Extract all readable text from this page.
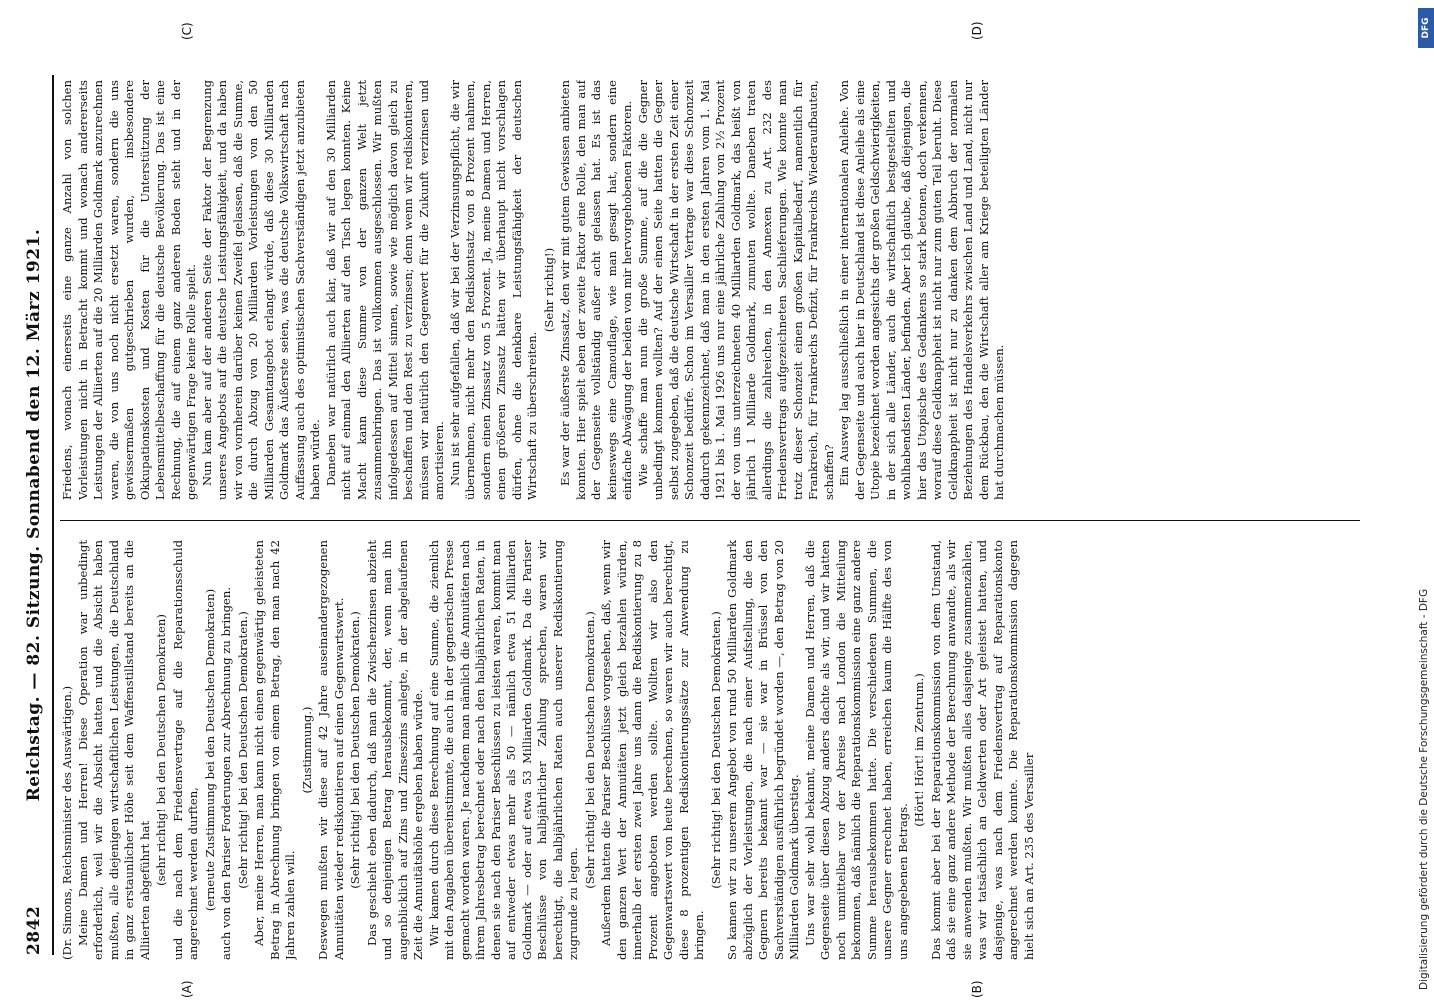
2842
Reichstag. — 82. Sitzung. Sonnabend den 12. März 1921.
(A)	(B)
(C)	(D)

(Dr. Simons, Reichsminister des Auswärtigen.) Meine Damen und Herren! Diese Operation war unbedingt erforderlich, weil wir die Absicht hatten und die Absicht haben mußten, alle diejenigen wirtschaftlichen Leistungen, die Deutschland in ganz erstaunlicher Höhe seit dem Waffenstillstand bereits an die Alliierten abgeführt hat

(sehr richtig! bei den Deutschen Demokraten) und die nach dem Friedensvertrage auf die Reparationsschuld angerechnet werden durften, (erneute Zustimmung bei den Deutschen Demokraten) auch von den Pariser Forderungen zur Abrechnung zu bringen. (Sehr richtig! bei den Deutschen Demokraten.) Aber, meine Herren, man kann nicht einen gegenwärtig geleisteten Betrag in Abrechnung bringen von einem Betrag, den man nach 42 Jahren zahlen will.

(Zustimmung.) Deswegen mußten wir diese auf 42 Jahre auseinandergezogenen Annuitäten wieder rediskontieren auf einen Gegenwartswert. (Sehr richtig! bei den Deutschen Demokraten.) Das geschieht eben dadurch, daß man die Zwischenzinsen abzieht und so denjenigen Betrag herausbekommt, der, wenn man ihn augenblicklich auf Zins und Zinseszins anlegte, in der abgelaufenen Zeit die Annuitätshöhe ergeben haben würde. Wir kamen durch diese Berechnung auf eine Summe, die ziemlich mit den Angaben übereinstimmte, die auch in der gegnerischen Presse gemacht worden waren. Je nachdem man nämlich die Annuitäten nach ihrem Jahresbetrag berechnet oder nach den halbjährlichen Raten, in denen sie nach den Pariser Beschlüssen zu leisten waren, kommt man auf entweder etwas mehr als 50 — nämlich etwa 51 Milliarden Goldmark — oder auf etwa 53 Milliarden Goldmark. Da die Pariser Beschlüsse von halbjährlicher Zahlung sprechen, waren wir berechtigt, die halbjährlichen Raten auch unserer Rediskontierung zugrunde zu legen.

(Sehr richtig! bei den Deutschen Demokraten.) Außerdem hatten die Pariser Beschlüsse vorgesehen, daß, wenn wir den ganzen Wert der Annuitäten jetzt gleich bezahlen würden, innerhalb der ersten zwei Jahre uns dann die Rediskontierung zu 8 Prozent angeboten werden sollte. Wollten wir also den Gegenwartswert von heute berechnen, so waren wir auch berechtigt, diese 8 prozentigen Rediskontierungssätze zur Anwendung zu bringen.

(Sehr richtig! bei den Deutschen Demokraten.) So kamen wir zu unserem Angebot von rund 50 Milliarden Goldmark abzüglich der Vorleistungen, die nach einer Aufstellung, die den Gegnern bereits bekannt war — sie war in Brüssel von den Sachverständigen ausführlich begründet worden —, den Betrag von 20 Milliarden Goldmark überstieg. Uns war sehr wohl bekannt, meine Damen und Herren, daß die Gegenseite über diesen Abzug anders dachte als wir, und wir hatten noch unmittelbar vor der Abreise nach London die Mitteilung bekommen, daß nämlich die Reparationskommission eine ganz andere Summe herausbekommen hatte. Die verschiedenen Summen, die unsere Gegner errechnet haben, erreichen kaum die Hälfte des von uns angegebenen Betrags.

(Hört! Hört! im Zentrum.) Das kommt aber bei der Reparationskommission von dem Umstand, daß sie eine ganz andere Methode der Berechnung anwandte, als wir sie anwenden mußten. Wir mußten alles dasjenige zusammenzählen, was wir tatsächlich an Geldwerten oder Art geleistet hatten, und dasjenige, was nach dem Friedensvertrag auf Reparationskonto angerechnet werden konnte. Die Reparationskommission dagegen hielt sich an Art. 235 des Versailler

Friedens, wonach einerseits eine ganze Anzahl von solchen Vorleistungen nicht in Betracht kommt und wonach andererseits Leistungen der Alliierten auf die 20 Milliarden Goldmark anzurechnen waren, die von uns noch nicht ersetzt waren, sondern die uns gewissermaßen gutgeschrieben wurden, insbesondere Okkupationskosten und Kosten für die Unterstützung der Lebensmittelbeschaffung für die deutsche Bevölkerung. Das ist eine Rechnung, die auf einem ganz anderen Boden steht und in der gegenwärtigen Frage keine Rolle spielt. Nun kam aber auf der anderen Seite der Faktor der Begrenzung unseres Angebots auf die deutsche Leistungsfähigkeit, und da haben wir von vornherein darüber keinen Zweifel gelassen, daß die Summe, die durch Abzug von 20 Milliarden Vorleistungen von den 50 Milliarden Gesamtangebot erlangt würde, daß diese 30 Milliarden Goldmark das Äußerste seien, was die deutsche Volkswirtschaft nach Auffassung auch des optimistischen Sachverständigen jetzt anzubieten haben würde. Daneben war natürlich auch klar, daß wir auf den 30 Milliarden nicht auf einmal den Alliierten auf den Tisch legen konnten. Keine Macht kann diese Summe von der ganzen Welt jetzt zusammenbringen. Das ist vollkommen ausgeschlossen. Wir mußten infolgedessen auf Mittel sinnen, sowie wie möglich davon gleich zu beschaffen und den Rest zu verzinsen; denn wenn wir rediskontieren, müssen wir natürlich den Gegenwert für die Zukunft verzinsen und amortisieren. Nun ist sehr aufgefallen, daß wir bei der Verzinsungspflicht, die wir übernehmen, nicht mehr den Rediskontsatz von 8 Prozent nahmen, sondern einen Zinssatz von 5 Prozent. Ja, meine Damen und Herren, einen größeren Zinssatz hätten wir überhaupt nicht vorschlagen dürfen, ohne die denkbare Leistungsfähigkeit der deutschen Wirtschaft zu überschreiten.

(Sehr richtig!) Es war der äußerste Zinssatz, den wir mit gutem Gewissen anbieten konnten. Hier spielt eben der zweite Faktor eine Rolle, den man auf der Gegenseite vollständig außer acht gelassen hat. Es ist das keineswegs eine Camouflage, wie man gesagt hat, sondern eine einfache Abwägung der beiden von mir hervorgehobenen Faktoren. Wie schaffe man nun die große Summe, auf die die Gegner unbedingt kommen wollten? Auf der einen Seite hatten die Gegner selbst zugegeben, daß die deutsche Wirtschaft in der ersten Zeit einer Schonzeit bedürfe. Schon im Versailler Vertrage war diese Schonzeit dadurch gekennzeichnet, daß man in den ersten Jahren vom 1. Mai 1921 bis 1. Mai 1926 uns nur eine jährliche Zahlung von 2½ Prozent der von uns unterzeichneten 40 Milliarden Goldmark, das heißt von jährlich 1 Milliarde Goldmark, zumuten wollte. Daneben traten allerdings die zahlreichen, in den Annexen zu Art. 232 des Friedensvertrags aufgezeichneten Sachlieferungen. Wie konnte man trotz dieser Schonzeit einen großen Kapitalbedarf, namentlich für Frankreich, für Frankreichs Defizit, für Frankreichs Wiederaufbauten, schaffen? Ein Ausweg lag ausschließlich in einer internationalen Anleihe. Von der Gegenseite und auch hier in Deutschland ist diese Anleihe als eine Utopie bezeichnet worden angesichts der großen Geldschwierigkeiten, in der sich alle Länder, auch die wirtschaftlich bestgestellten und wohlhabendsten Länder, befinden. Aber ich glaube, daß diejenigen, die hier das Utopische des Gedankens so stark betonen, doch verkennen, worauf diese Geldknappheit ist nicht nur zum guten Teil beruht. Diese Geldknappheit ist nicht nur zu danken dem Abbruch der normalen Beziehungen des Handelsverkehrs zwischen Land und Land, nicht nur dem Rückbau, den die Wirtschaft aller am Kriege beteiligten Länder hat durchmachen müssen.

DFG
Digitalisierung gefördert durch die Deutsche Forschungsgemeinschaft - DFG
